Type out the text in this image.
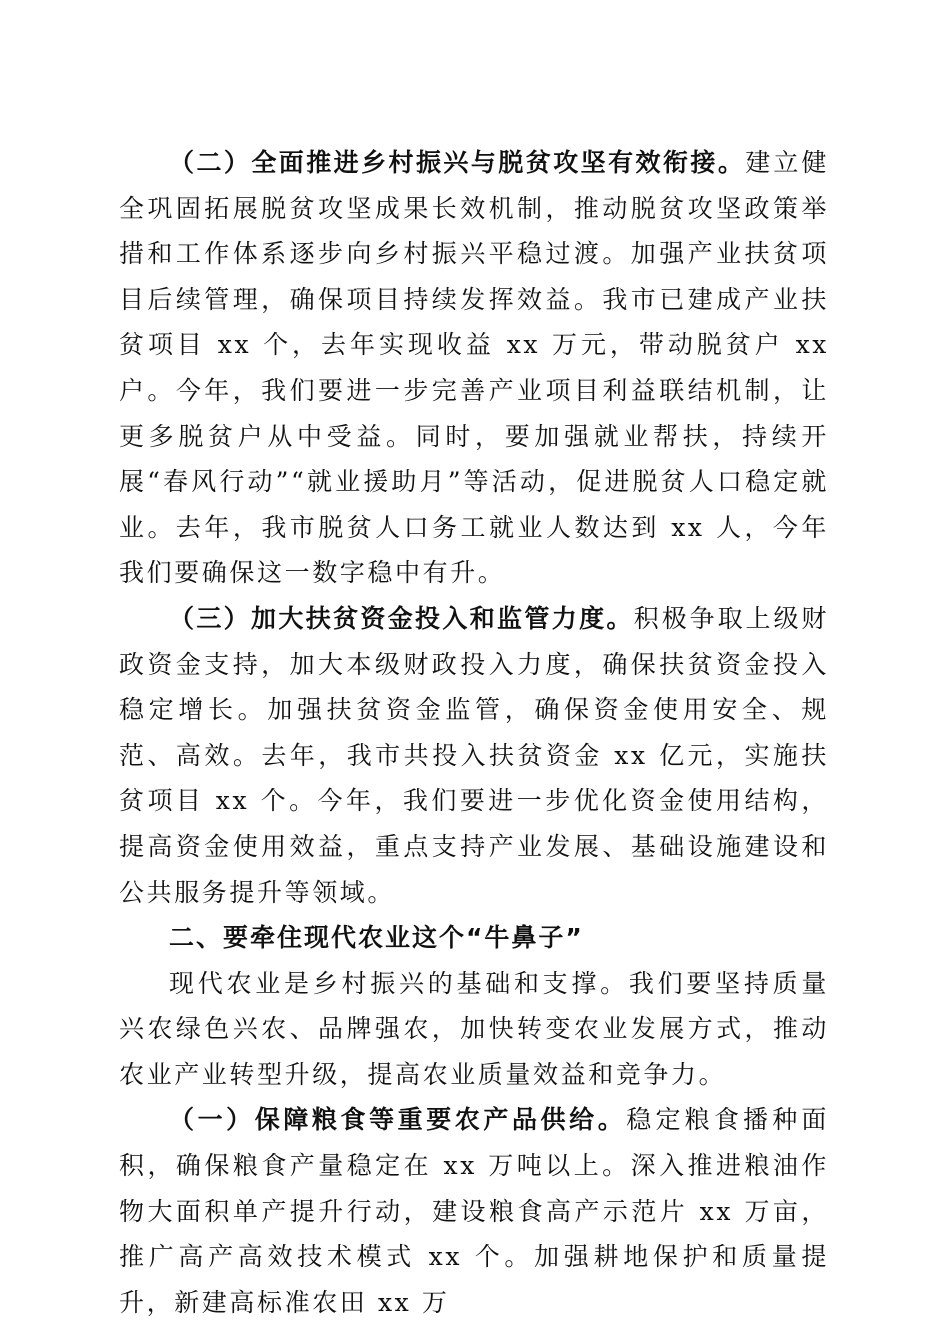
（二）全面推进乡村振兴与脱贫攻坚有效衔接。建立健全巩固拓展脱贫攻坚成果长效机制，推动脱贫攻坚政策举措和工作体系逐步向乡村振兴平稳过渡。加强产业扶贫项目后续管理，确保项目持续发挥效益。我市已建成产业扶贫项目 xx 个，去年实现收益 xx 万元，带动脱贫户 xx 户。今年，我们要进一步完善产业项目利益联结机制，让更多脱贫户从中受益。同时，要加强就业帮扶，持续开展“春风行动”“就业援助月”等活动，促进脱贫人口稳定就业。去年，我市脱贫人口务工就业人数达到 xx 人，今年我们要确保这一数字稳中有升。

（三）加大扶贫资金投入和监管力度。积极争取上级财政资金支持，加大本级财政投入力度，确保扶贫资金投入稳定增长。加强扶贫资金监管，确保资金使用安全、规范、高效。去年，我市共投入扶贫资金 xx 亿元，实施扶贫项目 xx 个。今年，我们要进一步优化资金使用结构，提高资金使用效益，重点支持产业发展、基础设施建设和公共服务提升等领域。

二、要牵住现代农业这个“牛鼻子”

现代农业是乡村振兴的基础和支撑。我们要坚持质量兴农绿色兴农、品牌强农，加快转变农业发展方式，推动农业产业转型升级，提高农业质量效益和竞争力。

（一）保障粮食等重要农产品供给。稳定粮食播种面积，确保粮食产量稳定在 xx 万吨以上。深入推进粮油作物大面积单产提升行动，建设粮食高产示范片 xx 万亩，推广高产高效技术模式 xx 个。加强耕地保护和质量提升，新建高标准农田 xx 万
